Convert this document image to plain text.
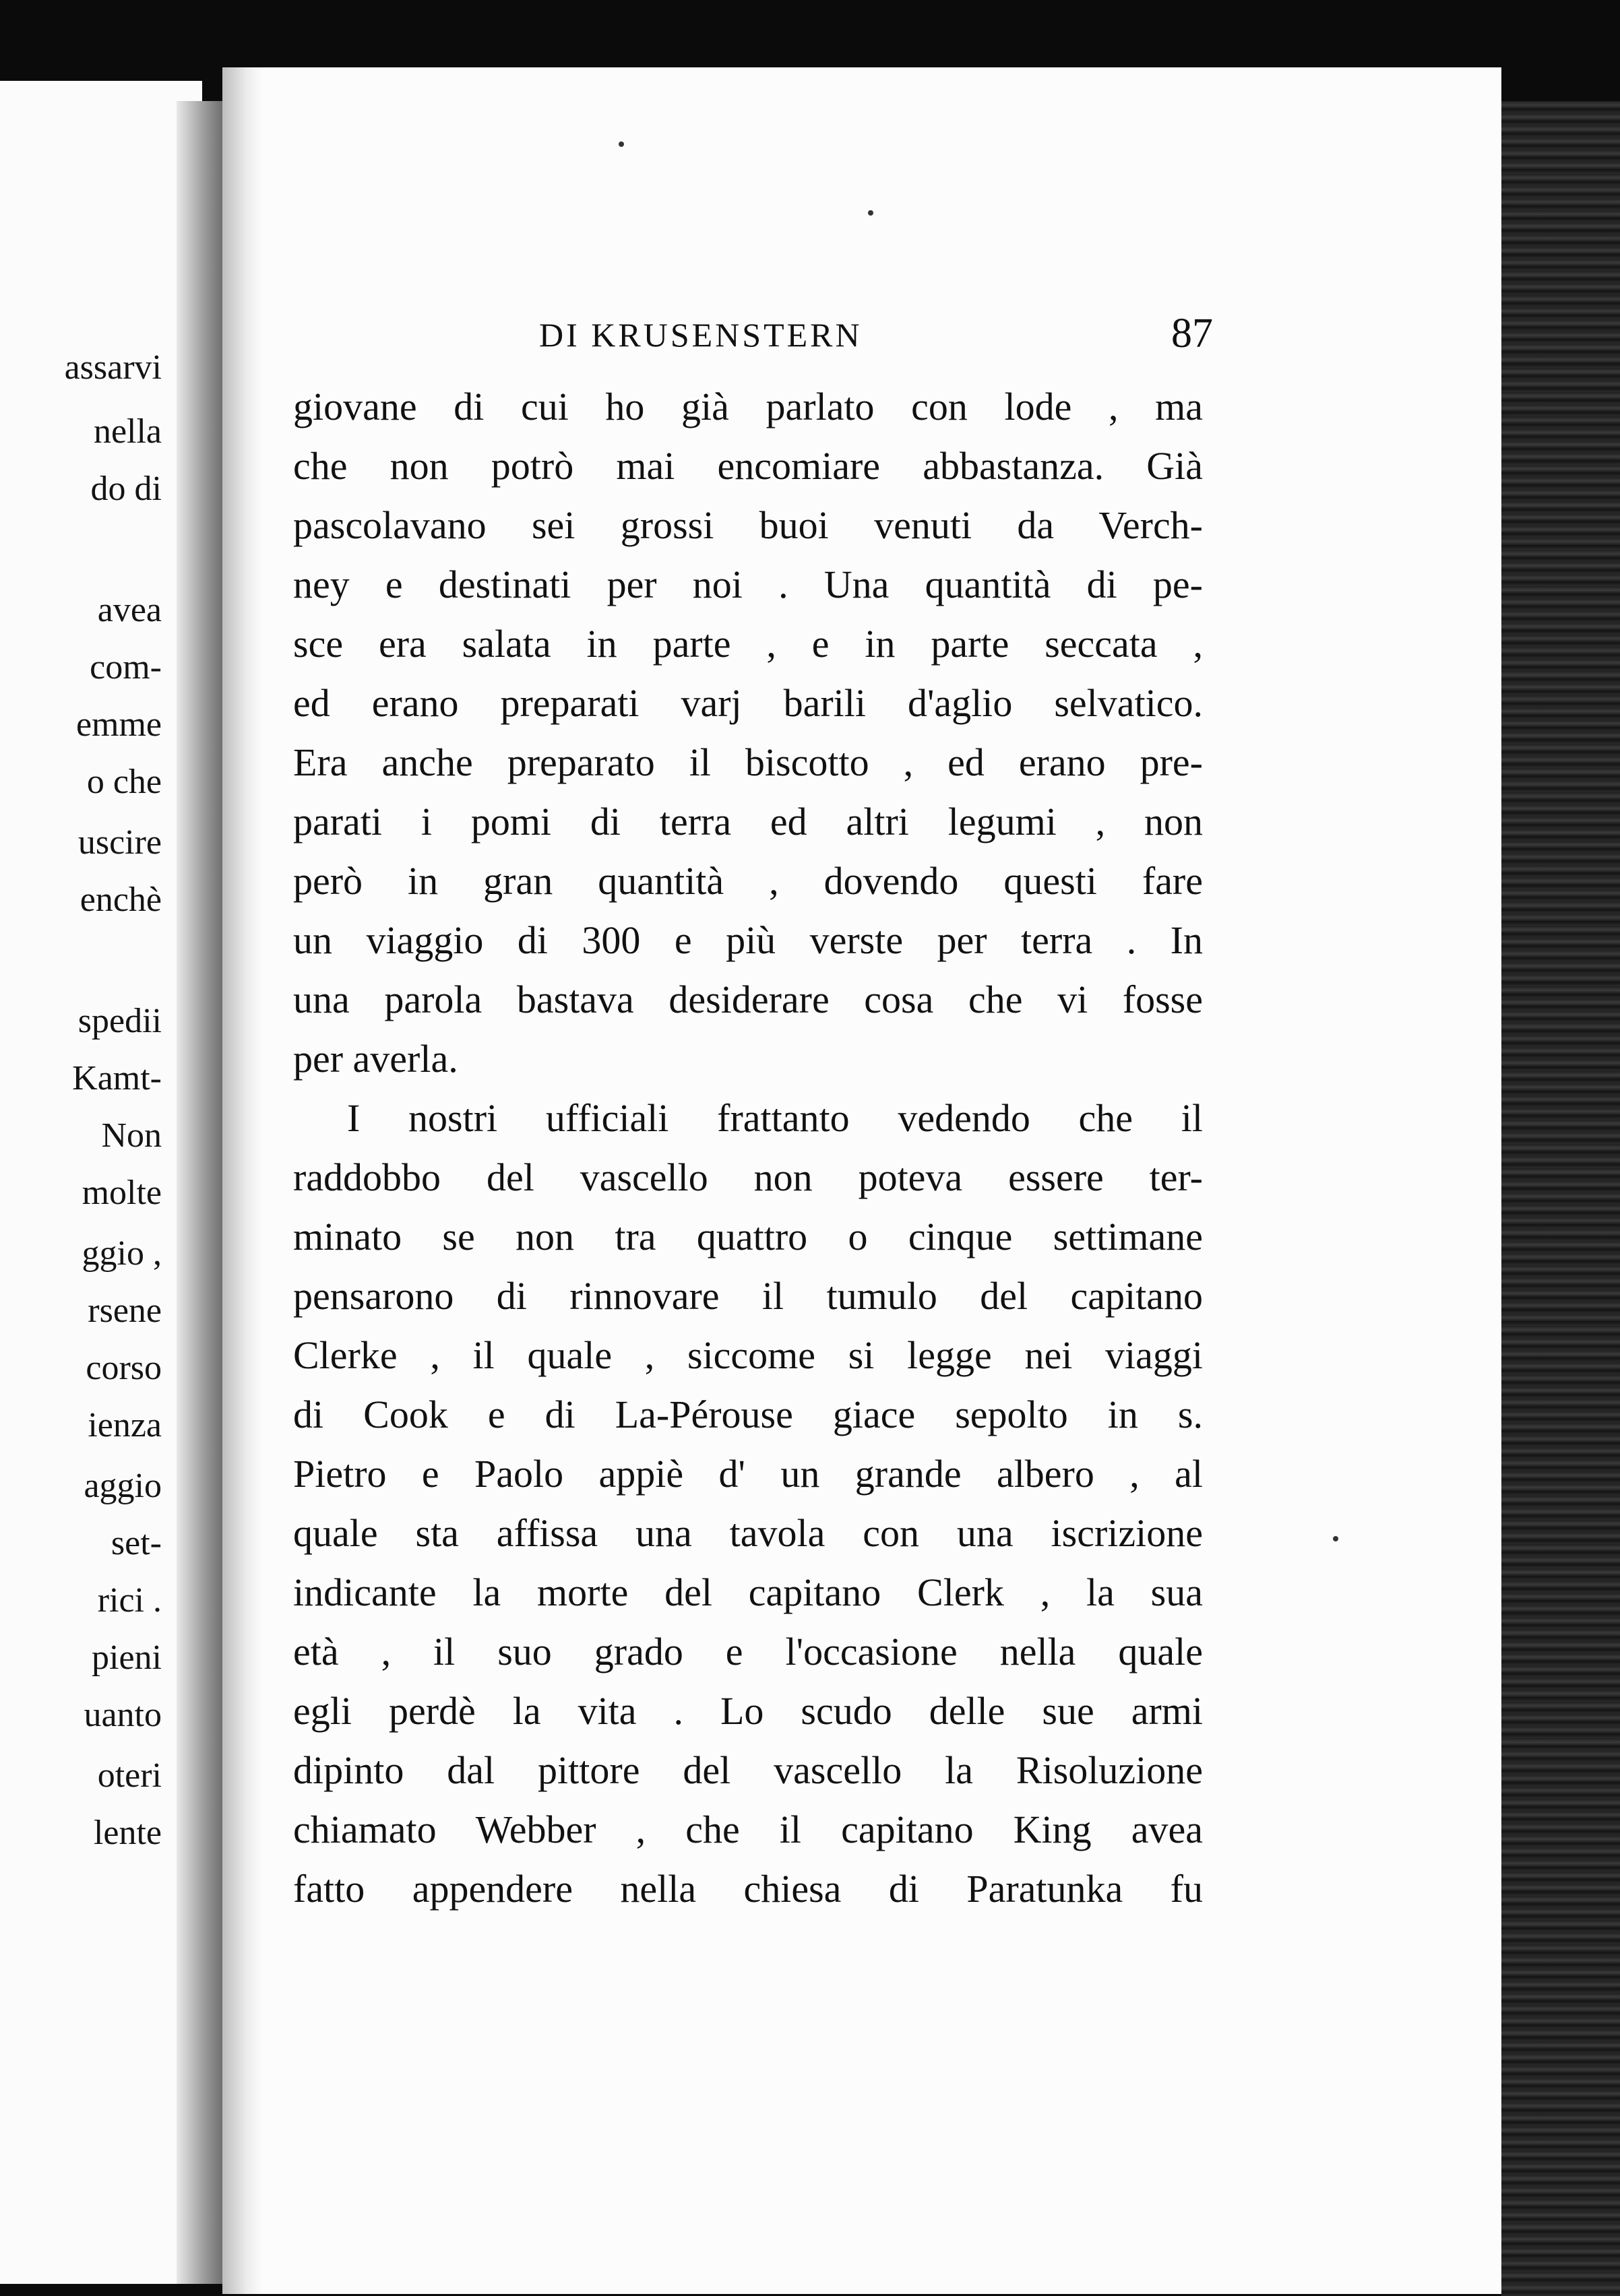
assarvi
nella
do di
avea
com-
emme
o che
uscire
enchè
spedii
Kamt-
Non
molte
ggio ,
rsene
corso
ienza
aggio
set-
rici .
pieni
uanto
oteri
lente
DI KRUSENSTERN	87
giovane di cui ho già parlato con lode , ma
che non potrò mai encomiare abbastanza. Già
pascolavano sei grossi buoi venuti da Verch-
ney e destinati per noi . Una quantità di pe-
sce era salata in parte , e in parte seccata ,
ed erano preparati varj barili d'aglio selvatico.
Era anche preparato il biscotto , ed erano pre-
parati i pomi di terra ed altri legumi , non
però in gran quantità , dovendo questi fare
un viaggio di 300 e più verste per terra . In
una parola bastava desiderare cosa che vi fosse
per averla.
I nostri ufficiali frattanto vedendo che il
raddobbo del vascello non poteva essere ter-
minato se non tra quattro o cinque settimane
pensarono di rinnovare il tumulo del capitano
Clerke , il quale , siccome si legge nei viaggi
di Cook e di La-Pérouse giace sepolto in s.
Pietro e Paolo appiè d' un grande albero , al
quale sta affissa una tavola con una iscrizione
indicante la morte del capitano Clerk , la sua
età , il suo grado e l'occasione nella quale
egli perdè la vita . Lo scudo delle sue armi
dipinto dal pittore del vascello la Risoluzione
chiamato Webber , che il capitano King avea
fatto appendere nella chiesa di Paratunka fu
